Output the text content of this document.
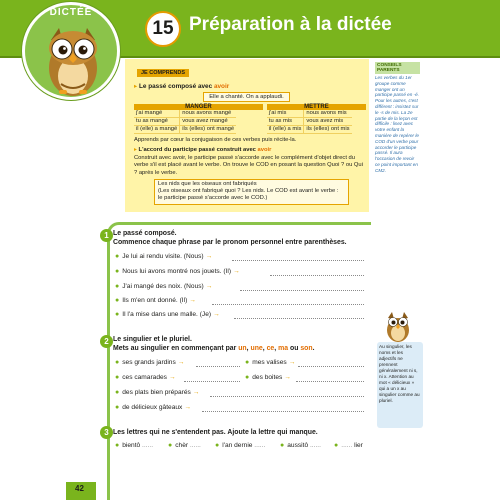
DICTÉE
15 Préparation à la dictée
JE COMPRENDS
▸ Le passé composé avec avoir
Elle a chanté. On a applaudi.
MANGER
j'ai mangé	nous avons mangé
tu as mangé	vous avez mangé
il (elle) a mangé	ils (elles) ont mangé
METTRE
j'ai mis	nous avons mis
tu as mis	vous avez mis
il (elle) a mis	ils (elles) ont mis
Apprends par cœur la conjugaison de ces verbes puis récite-la.
▸ L'accord du participe passé construit avec avoir
Construit avec avoir, le participe passé s'accorde avec le complément d'objet direct du verbe s'il est placé avant le verbe. On trouve le COD en posant la question Quoi ? ou Qui ? après le verbe.
Les nids que les oiseaux ont fabriqués
(Les oiseaux ont fabriqué quoi ? Les nids. Le COD est avant le verbe :
le participe passé s'accorde avec le COD.)
CONSEILS PARENTS
Les verbes du 1er groupe comme manger ont un participe passé en -é. Pour les autres, c'est différent : insistez sur le -s de mis. La 2e partie de la leçon est difficile : lisez avec votre enfant la manière de repérer le COD d'un verbe pour accorder le participe passé. Il aura l'occasion de revoir ce point important en CM2.
1 Le passé composé.
Commence chaque phrase par le pronom personnel entre parenthèses.
● Je lui ai rendu visite. (Nous) →
● Nous lui avons montré nos jouets. (Il) →
● J'ai mangé des noix. (Nous) →
● Ils m'en ont donné. (Il) →
● Il l'a mise dans une malle. (Je) →
2 Le singulier et le pluriel.
Mets au singulier en commençant par un, une, ce, ma ou son.
● ses grands jardins →	● mes valises →
● ces camarades →	● des boites →
● des plats bien préparés →
● de délicieux gâteaux →
Au singulier, les noms et les adjectifs ne prennent généralement ni s, ni x. Attention au mot « délicieux » qui a un x au singulier comme au pluriel.
3 Les lettres qui ne s'entendent pas. Ajoute la lettre qui manque.
● bientô ...... ● chèr ...... ● l'an dernie ...... ● aussitô ...... ● ...... lier
42
